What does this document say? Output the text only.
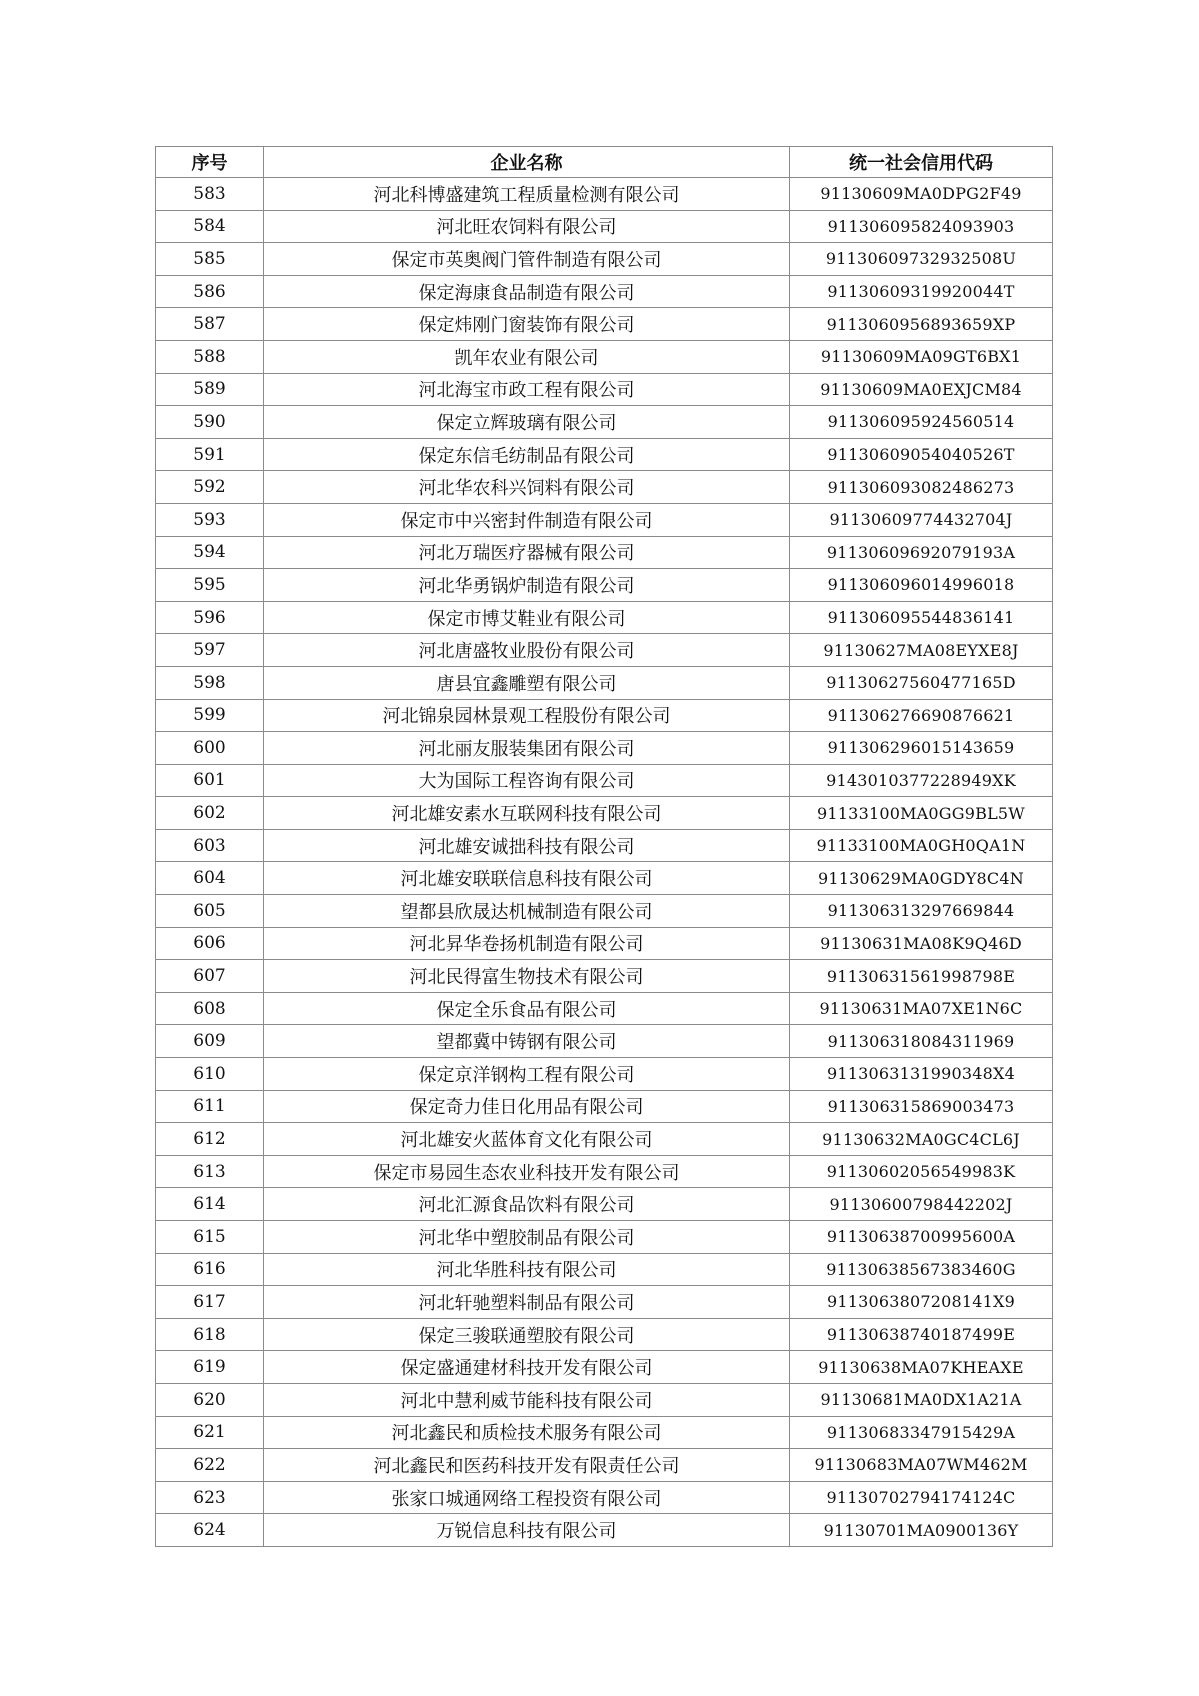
序号	企业名称	统一社会信用代码
583	河北科博盛建筑工程质量检测有限公司	91130609MA0DPG2F49
584	河北旺农饲料有限公司	911306095824093903
585	保定市英奥阀门管件制造有限公司	91130609732932508U
586	保定海康食品制造有限公司	91130609319920044T
587	保定炜刚门窗装饰有限公司	9113060956893659XP
588	凯年农业有限公司	91130609MA09GT6BX1
589	河北海宝市政工程有限公司	91130609MA0EXJCM84
590	保定立辉玻璃有限公司	911306095924560514
591	保定东信毛纺制品有限公司	91130609054040526T
592	河北华农科兴饲料有限公司	911306093082486273
593	保定市中兴密封件制造有限公司	91130609774432704J
594	河北万瑞医疗器械有限公司	91130609692079193A
595	河北华勇锅炉制造有限公司	911306096014996018
596	保定市博艾鞋业有限公司	911306095544836141
597	河北唐盛牧业股份有限公司	91130627MA08EYXE8J
598	唐县宜鑫雕塑有限公司	91130627560477165D
599	河北锦泉园林景观工程股份有限公司	911306276690876621
600	河北丽友服装集团有限公司	911306296015143659
601	大为国际工程咨询有限公司	9143010377228949XK
602	河北雄安素水互联网科技有限公司	91133100MA0GG9BL5W
603	河北雄安诚拙科技有限公司	91133100MA0GH0QA1N
604	河北雄安联联信息科技有限公司	91130629MA0GDY8C4N
605	望都县欣晟达机械制造有限公司	911306313297669844
606	河北昇华卷扬机制造有限公司	91130631MA08K9Q46D
607	河北民得富生物技术有限公司	91130631561998798E
608	保定全乐食品有限公司	91130631MA07XE1N6C
609	望都冀中铸钢有限公司	911306318084311969
610	保定京洋钢构工程有限公司	9113063131990348X4
611	保定奇力佳日化用品有限公司	911306315869003473
612	河北雄安火蓝体育文化有限公司	91130632MA0GC4CL6J
613	保定市易园生态农业科技开发有限公司	91130602056549983K
614	河北汇源食品饮料有限公司	91130600798442202J
615	河北华中塑胶制品有限公司	91130638700995600A
616	河北华胜科技有限公司	91130638567383460G
617	河北轩驰塑料制品有限公司	9113063807208141X9
618	保定三骏联通塑胶有限公司	91130638740187499E
619	保定盛通建材科技开发有限公司	91130638MA07KHEAXE
620	河北中慧利威节能科技有限公司	91130681MA0DX1A21A
621	河北鑫民和质检技术服务有限公司	91130683347915429A
622	河北鑫民和医药科技开发有限责任公司	91130683MA07WM462M
623	张家口城通网络工程投资有限公司	91130702794174124C
624	万锐信息科技有限公司	91130701MA0900136Y
